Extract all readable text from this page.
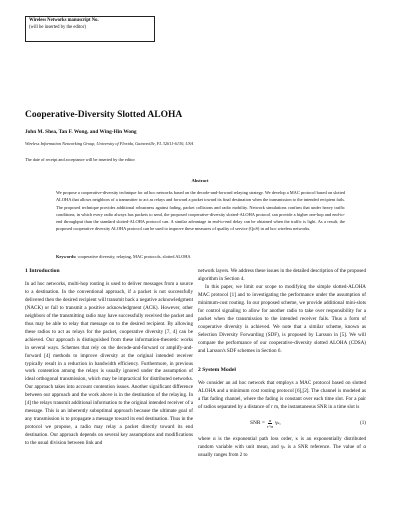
Wireless Networks manuscript No.
(will be inserted by the editor)
Cooperative-Diversity Slotted ALOHA
John M. Shea, Tan F. Wong, and Wing-Hin Wong
Wireless Information Networking Group, University of Florida, Gainesville, FL 32611-6130, USA
The date of receipt and acceptance will be inserted by the editor
Abstract
We propose a cooperative-diversity technique for ad hoc networks based on the decode-and-forward relaying strategy. We develop a MAC protocol based on slotted ALOHA that allows neighbors of a transmitter to act as relays and forward a packet toward its final destination when the transmission to the intended recipient fails. The proposed technique provides additional robustness against fading, packet collisions and radio mobility. Network simulations confirm that under heavy traffic conditions, in which every radio always has packets to send, the proposed cooperative-diversity slotted-ALOHA protocol can provide a higher one-hop and end-to-end throughput than the standard slotted-ALOHA protocol can. A similar advantage in end-to-end delay can be obtained when the traffic is light. As a result, the proposed cooperative diversity ALOHA protocol can be used to improve these measures of quality of service (QoS) in ad hoc wireless networks.
Keywords: cooperative diversity, relaying, MAC protocols, slotted ALOHA
1 Introduction

In ad hoc networks, multi-hop routing is used to deliver messages from a source to a destination. In the conventional approach, if a packet is not successfully delivered then the desired recipient will transmit back a negative acknowledgment (NACK) or fail to transmit a positive acknowledgment (ACK). However, other neighbors of the transmitting radio may have successfully received the packet and thus may be able to relay that message on to the desired recipient. By allowing these radios to act as relays for the packet, cooperative diversity [7, 4] can be achieved. Our approach is distinguished from these information-theoretic works in several ways. Schemes that rely on the decode-and-forward or amplify-and-forward [4] methods to improve diversity at the original intended receiver typically result in a reduction in bandwidth efficiency. Furthermore, in previous work contention among the relays is usually ignored under the assumption of ideal orthogonal transmission, which may be impractical for distributed networks. Our approach takes into account contention issues. Another significant difference between our approach and the work above is in the destination of the relaying. In [4] the relays transmit additional information to the original intended receiver of a message. This is an inherently suboptimal approach because the ultimate goal of any transmission is to propagate a message toward its end destination. Thus in the protocol we propose, a radio may relay a packet directly toward its end destination. Our approach depends on several key assumptions and modifications to the usual division between link and

network layers. We address these issues in the detailed description of the proposed algorithm in Section 4.

In this paper, we limit our scope to modifying the simple slotted-ALOHA MAC protocol [1] and to investigating the performance under the assumption of minimum-cost routing. In our proposed scheme, we provide additional mini-slots for control signaling to allow for another radio to take over responsibility for a packet when the transmission to the intended receiver fails. Thus a form of cooperative diversity is achieved. We note that a similar scheme, known as Selection Diversity Forwarding (SDF), is proposed by Larsson in [5]. We will compare the performance of our cooperative-diversity slotted ALOHA (CDSA) and Larsson's SDF schemes in Section 6.

2 System Model

We consider an ad hoc network that employs a MAC protocol based on slotted ALOHA and a minimum cost routing protocol [6],[2]. The channel is modeled as a flat fading channel, where the fading is constant over each time slot. For a pair of radios separated by a distance of r m, the instantaneous SNR in a time slot is

SNR = $\frac{\alpha}{r\^{}\alpha} \gamma_k$,	(1)

where α is the exponential path loss order, κ is an exponentially distributed random variable with unit mean, and γₖ is a SNR reference. The value of α usually ranges from 2 to
